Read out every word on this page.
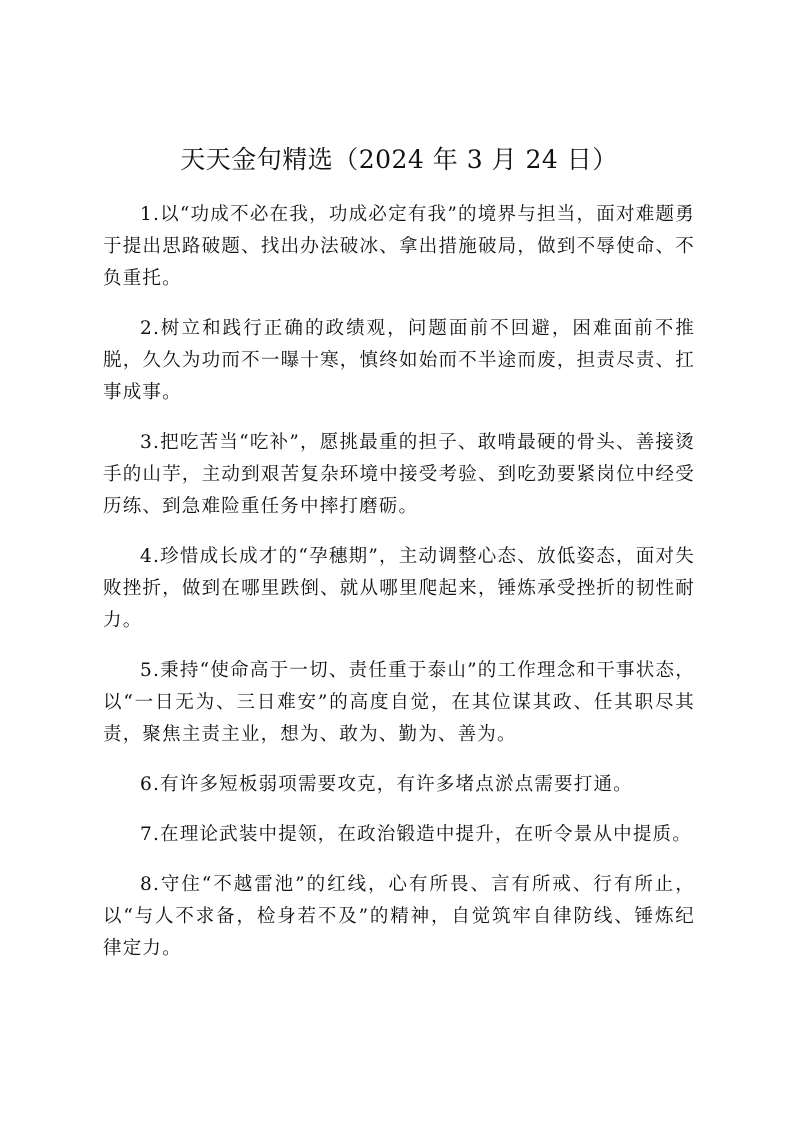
天天金句精选（2024 年 3 月 24 日）

1.以“功成不必在我，功成必定有我”的境界与担当，面对难题勇于提出思路破题、找出办法破冰、拿出措施破局，做到不辱使命、不负重托。

2.树立和践行正确的政绩观，问题面前不回避，困难面前不推脱，久久为功而不一曝十寒，慎终如始而不半途而废，担责尽责、扛事成事。

3.把吃苦当“吃补”，愿挑最重的担子、敢啃最硬的骨头、善接烫手的山芋，主动到艰苦复杂环境中接受考验、到吃劲要紧岗位中经受历练、到急难险重任务中摔打磨砺。

4.珍惜成长成才的“孕穗期”，主动调整心态、放低姿态，面对失败挫折，做到在哪里跌倒、就从哪里爬起来，锤炼承受挫折的韧性耐力。

5.秉持“使命高于一切、责任重于泰山”的工作理念和干事状态，以“一日无为、三日难安”的高度自觉，在其位谋其政、任其职尽其责，聚焦主责主业，想为、敢为、勤为、善为。

6.有许多短板弱项需要攻克，有许多堵点淤点需要打通。

7.在理论武装中提领，在政治锻造中提升，在听令景从中提质。

8.守住“不越雷池”的红线，心有所畏、言有所戒、行有所止，以“与人不求备，检身若不及”的精神，自觉筑牢自律防线、锤炼纪律定力。
